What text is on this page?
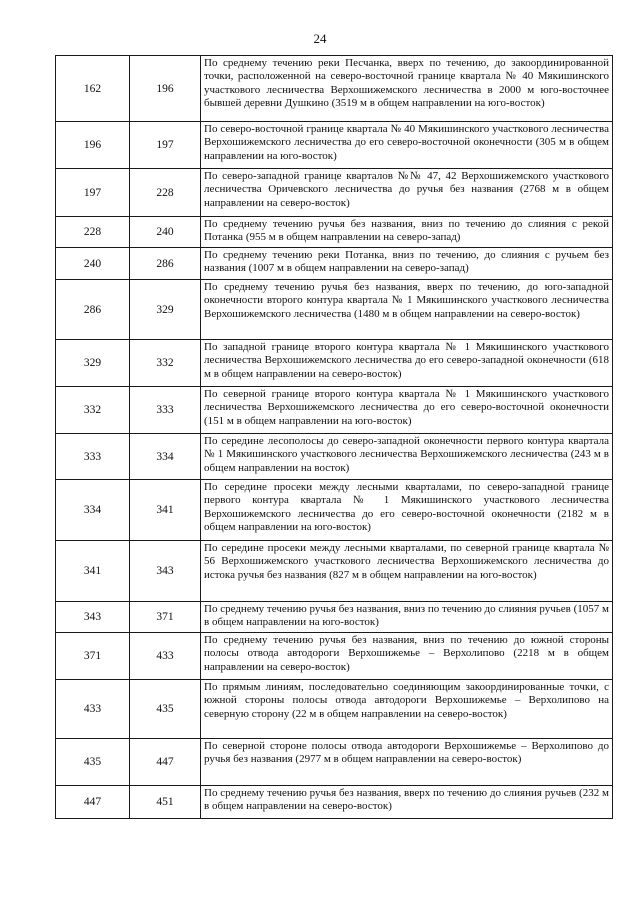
24
162	196	По среднему течению реки Песчанка, вверх по течению, до закоординированной точки, расположенной на северо-восточной границе квартала № 40 Мякишинского участкового лесничества Верхошижемского лесничества в 2000 м юго-восточнее бывшей деревни Душкино (3519 м в общем направлении на юго-восток)
196	197	По северо-восточной границе квартала № 40 Мякишинского участкового лесничества Верхошижемского лесничества до его северо-восточной оконечности (305 м в общем направлении на юго-восток)
197	228	По северо-западной границе кварталов №№ 47, 42 Верхошижемского участкового лесничества Оричевского лесничества до ручья без названия (2768 м в общем направлении на северо-восток)
228	240	По среднему течению ручья без названия, вниз по течению до слияния с рекой Потанка (955 м в общем направлении на северо-запад)
240	286	По среднему течению реки Потанка, вниз по течению, до слияния с ручьем без названия (1007 м в общем направлении на северо-запад)
286	329	По среднему течению ручья без названия, вверх по течению, до юго-западной оконечности второго контура квартала № 1 Мякишинского участкового лесничества Верхошижемского лесничества (1480 м в общем направлении на северо-восток)
329	332	По западной границе второго контура квартала № 1 Мякишинского участкового лесничества Верхошижемского лесничества до его северо-западной оконечности (618 м в общем направлении на северо-восток)
332	333	По северной границе второго контура квартала № 1 Мякишинского участкового лесничества Верхошижемского лесничества до его северо-восточной оконечности (151 м в общем направлении на юго-восток)
333	334	По середине лесополосы до северо-западной оконечности первого контура квартала № 1 Мякишинского участкового лесничества Верхошижемского лесничества (243 м в общем направлении на восток)
334	341	По середине просеки между лесными кварталами, по северо-западной границе первого контура квартала № 1 Мякишинского участкового лесничества Верхошижемского лесничества до его северо-восточной оконечности (2182 м в общем направлении на юго-восток)
341	343	По середине просеки между лесными кварталами, по северной границе квартала № 56 Верхошижемского участкового лесничества Верхошижемского лесничества до истока ручья без названия (827 м в общем направлении на юго-восток)
343	371	По среднему течению ручья без названия, вниз по течению до слияния ручьев (1057 м в общем направлении на юго-восток)
371	433	По среднему течению ручья без названия, вниз по течению до южной стороны полосы отвода автодороги Верхошижемье – Верхолипово (2218 м в общем направлении на северо-восток)
433	435	По прямым линиям, последовательно соединяющим закоординированные точки, с южной стороны полосы отвода автодороги Верхошижемье – Верхолипово на северную сторону (22 м в общем направлении на северо-восток)
435	447	По северной стороне полосы отвода автодороги Верхошижемье – Верхолипово до ручья без названия (2977 м в общем направлении на северо-восток)
447	451	По среднему течению ручья без названия, вверх по течению до слияния ручьев (232 м в общем направлении на северо-восток)
